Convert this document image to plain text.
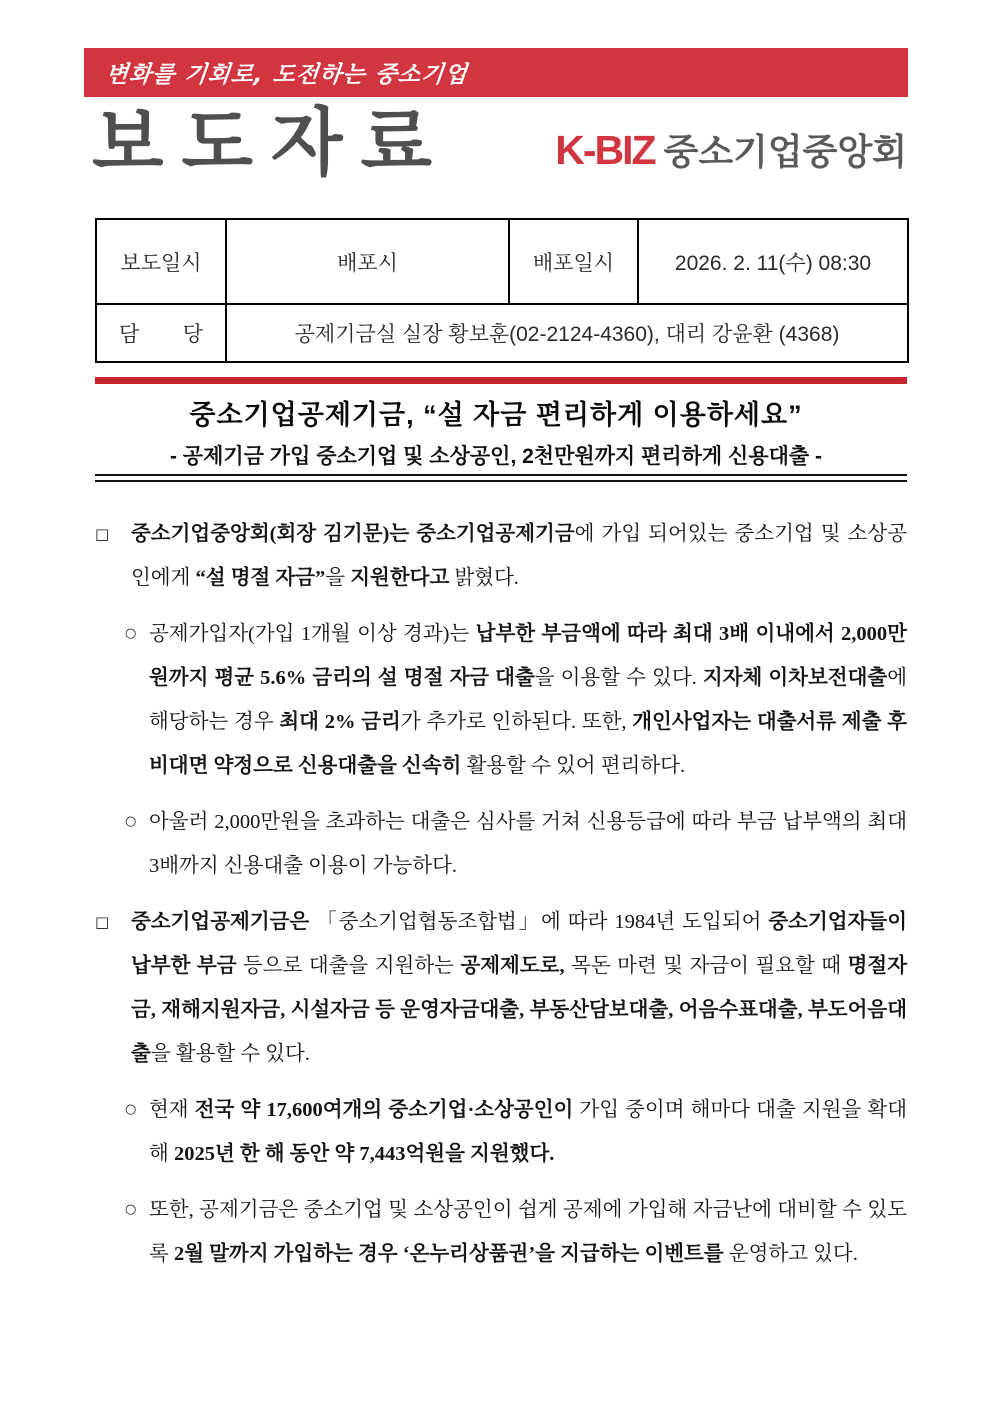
변화를 기회로, 도전하는 중소기업
보도자료	K-BIZ 중소기업중앙회
보도일시	배포시	배포일시	2026. 2. 11(수) 08:30
담 당	공제기금실 실장 황보훈(02-2124-4360), 대리 강윤환 (4368)		
중소기업공제기금, “설 자금 편리하게 이용하세요”
- 공제기금 가입 중소기업 및 소상공인, 2천만원까지 편리하게 신용대출 -
□	중소기업중앙회(회장 김기문)는 중소기업공제기금에 가입 되어있는 중소기업 및 소상공인에게 “설 명절 자금”을 지원한다고 밝혔다.
○ 공제가입자(가입 1개월 이상 경과)는 납부한 부금액에 따라 최대 3배 이내에서 2,000만원까지 평균 5.6% 금리의 설 명절 자금 대출을 이용할 수 있다. 지자체 이차보전대출에 해당하는 경우 최대 2% 금리가 추가로 인하된다. 또한, 개인사업자는 대출서류 제출 후 비대면 약정으로 신용대출을 신속히 활용할 수 있어 편리하다.
○ 아울러 2,000만원을 초과하는 대출은 심사를 거쳐 신용등급에 따라 부금 납부액의 최대 3배까지 신용대출 이용이 가능하다.
□	중소기업공제기금은 「중소기업협동조합법」에 따라 1984년 도입되어 중소기업자들이 납부한 부금 등으로 대출을 지원하는 공제제도로, 목돈 마련 및 자금이 필요할 때 명절자금, 재해지원자금, 시설자금 등 운영자금대출, 부동산담보대출, 어음수표대출, 부도어음대출을 활용할 수 있다.
○ 현재 전국 약 17,600여개의 중소기업·소상공인이 가입 중이며 해마다 대출 지원을 확대해 2025년 한 해 동안 약 7,443억원을 지원했다.
○ 또한, 공제기금은 중소기업 및 소상공인이 쉽게 공제에 가입해 자금난에 대비할 수 있도록 2월 말까지 가입하는 경우 ‘온누리상품권’을 지급하는 이벤트를 운영하고 있다.
